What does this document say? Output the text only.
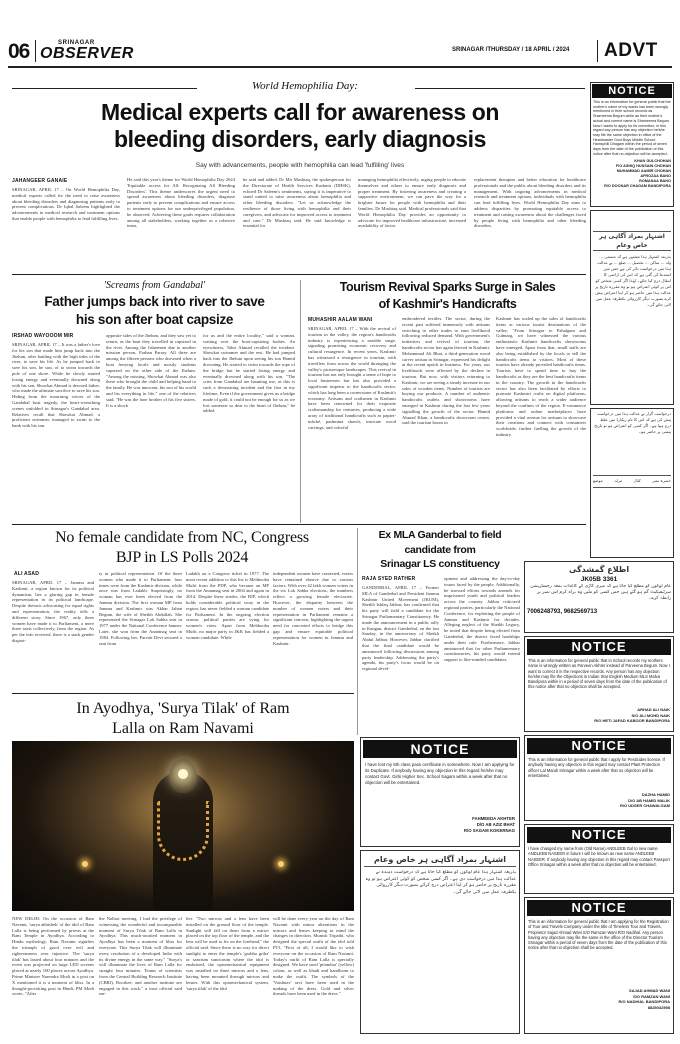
06	SRINAGAR
OBSERVER	SRINAGAR /THURSDAY / 18 APRIL / 2024 ADVT
World Hemophilia Day:
Medical experts call for awareness on
bleeding disorders, early diagnosis
Say with advancements, people with hemophilia can lead 'fulfilling' lives
JAHANGEER GANAIE

SRINAGAR, APRIL 17 – On World Hemophilia Day, medical experts called for the need to raise awareness about bleeding disorders and diagnosing patients early to prevent complications. Dr Iqbal Saleem highlighted the advancements in medical research and treatment options that enable people with hemophilia to lead fulfilling lives.

He said this year's theme for World Hemophilia Day 2024 'Equitable access for All: Recognizing All Bleeding Disorders'. This theme underscores the urgent need to spread awareness about bleeding disorders, diagnose patients early to prevent complications and ensure access to treatment options for our underprivileged population, he observed. Achieving these goals requires collaboration among all stakeholders, working together as a cohesive team,

he said and added. Dr Mir Mushtaq, the spokesperson for the Directorate of Health Services Kashmir (DHSK), echoed Dr Saleem's sentiments, saying it is imperative to stand united to raise awareness about hemophilia and other bleeding disorders. "Let us acknowledge the resilience of those living with hemophilia and their caregivers, and advocate for improved access to treatment and care," Dr Mushtaq said. He said knowledge is essential for

managing hemophilia effectively, urging people to educate themselves and others to ensure early diagnosis and proper treatment. By fostering awareness and creating a supportive environment, we can pave the way for a brighter future for people with hemophilia and their families. Dr Mushtaq said. Medical professionals said that World Hemophilia Day provides an opportunity to advocate for improved healthcare infrastructure, increased availability of factor

replacement therapies and better education for healthcare professionals and the public about bleeding disorders and its management. With ongoing advancements in medical research and treatment options, individuals with hemophilia can lead fulfilling lives. World Hemophilia Day aims to address disparities by promoting equitable access to treatment and raising awareness about the challenges faced by people living with hemophilia and other bleeding disorders.

'Screams from Gandabal'
Father jumps back into river to save
his son after boat capsize
IRSHAD WAYOOOM MIR

SRINAGAR, APRIL 17 – It was a father's love for his son that made him jump back into the Jhelum, after battling with the high tides of the river, to save his life. As he jumped back to save his son, he saw, of to swim towards the pole of one shore. While he slowly started losing energy and eventually drowned along with his son, Showkat Ahmad is devoted father, who made the ultimate sacrifice to save his son. Hiding from the mourning voices of the Gandabal boat tragedy, the heart-wrenching scenes unfolded in Srinagar's Gandabal area. Relatives recall that Showkat Ahmad, a proficient swimmer, managed to swim to the bank with his son.

opposite sides of the Jhelum, and they saw yet to return, as the boat they travelled in capsized in the river. Among the fishermen due to another mission person, Farhan Parray. All three are among the fifteen persons who drowned when a boat ferrying locals and mostly students capsized on the other side of the Jhelum. "Among the missing, Showkat Ahmad was also there who brought the child and helping hand to the family. He was innocent, his son of his world and his everything in life," one of the relatives said. "He was the lone brother of his five sisters. It is a shock

for us and the entire locality," said a woman, waiting over the boat-capsizing bodies. An eyewitness, Tahir Ahmad recalled the incident. Showkat swimmer and the rest. He had jumped back into the Jhelum upon seeing his son Hamid drowning. He started to swim towards the rope of the bridge but he started losing energy and eventually drowned along with his son. "The cries from Gandabal are haunting me, as this is such a devastating incident and the first in my lifetime, Even if the government gives us a bridge made of gold, it could not be enough for us as we lost someone so dear to the heart of Jhelum," he added.

Tourism Revival Sparks Surge in Sales
of Kashmir's Handicrafts
MUHASHIR AALAM WANI

SRINAGAR, APRIL 17 – With the revival of tourism in the valley, the region's handicrafts industry is experiencing a notable surge, signaling promising economic recovery and cultural resurgence. In recent years, Kashmir has witnessed a resurgence in tourism, with travellers from across the world thronging the valley's picturesque landscapes. This revival in tourism has not only brought a sense of hope to local businesses but has also provided a significant impetus to the handicrafts sector, which has long been a cornerstone of Kashmir's economy. Artisans and craftsmen in Kashmir have been renowned for their exquisite craftsmanship for centuries, producing a wide array of traditional handicrafts such as papier-mâché, pashmina shawls, intricate wood carvings, and colorful

embroidered textiles. The sector, during the recent past suffered immensely with artisans switching to other trades to earn livelihood following reduced demand. With government's initiatives and revival of tourism, the handicrafts sector has again thrived in Kashmir. Mohammad Ali Bhat, a third-generation wood carver artisan in Srinagar, expressed his delight at the recent uptick in business. For years, our livelihoods were affected by the decline in tourism. But now, with visitors returning to Kashmir, we are seeing a steady increase in our sales of wooden items. Number of tourists are buying our products. A number of authentic handicrafts outlets and showrooms have emerged in Kashmir during the last few years signalling the growth of the sector. Hamid Ahmad Khan, a handicrafts showroom owner, said the tourism boom in

Kashmir has scaled up the sales of handicrafts items at various tourist destinations of the valley. "From Srinagar to Pahalgam and Gulmarg, we have witnessed the various enthusiastic Kashmir handicrafts showrooms have emerged. Apart from that, small stalls are also being established by the locals to sell the handicrafts items to visitors. Most of these tourists have already provided handicrafts items. Tourists have to spend time to buy the handicrafts as they are the best handicrafts items in the country. The growth in the handicrafts sector has also been facilitated by efforts to promote Kashmiri crafts on digital platforms, allowing artisans to reach a wider audience beyond the confines of the region. E-commerce platforms and online marketplaces have provided a vital avenue for artisans to showcase their creations and connect with consumers worldwide, further fuelling the growth of the industry.

No female candidate from NC, Congress
BJP in LS Polls 2024
ALI ASAD

SRINAGAR, APRIL 17 – Jammu and Kashmir, a region known for its political dynamism, lies a glaring gap in female representation in its political landscape. Despite rhetoric advocating for equal rights and representation, the reality tells a different story. Since 1967, only three women have made it to Parliament, a mere three seats collectively, from the region. As per the info received, there is a stark gender dispari-

ty in political representation. Of the three women who made it to Parliament, four times were from the Kashmir division, while once was from Ladakh. Surprisingly, no woman has ever been elected from the Jammu division. The first woman MP from Jammu and Kashmir was Akbar Jahan Begum, the wife of Sheikh Abdullah. She represented the Srinagar Lok Sabha seat in 1977 under the National Conference banner. Later, she won from the Anantnag seat in 1984. Following her, Parvati Devi secured a seat from

Ladakh on a Congress ticket in 1977. The most recent addition to this list is Mehbooba Mufti from the PDP, who became an MP from the Anantnag seat in 2004 and again in 2014. Despite these strides, the BJP, which holds considerable political sway in the region, has never fielded a woman candidate for Parliament. In the ongoing election season, political parties are vying for women's votes. Apart from Mehbooba Mufti, no major party in J&K has fielded a woman candidate. While

independent women have contested, voters have remained elusive due to various factors. With over 42 lakh women voters in the six Lok Sabha elections, the numbers reflect a growing female electorate. However, the disparity between the number of women voters and their representation in Parliament remains a significant concern, highlighting the urgent need for concerted efforts to bridge this gap and ensure equitable political representation for women in Jammu and Kashmir.

Ex MLA Ganderbal to field
candidate from
Srinagar LS constituency
RAJA SYED RATHER

GANDERBAL, APRIL 17 – Former MLA of Ganderbal and President Jammu Kashmir United Movement (JKUM), Sheikh Ishfaq Jabbar, has confirmed that his party will field a candidate for the Srinagar Parliamentary Constituency. He made the announcement in a public rally in Kangan, district Ganderbal, on the last Sunday, in the anniversary of Sheikh Abdul Jabbar. However, Jabbar clarified that the final candidate would be announced following discussions among party leadership. Addressing the party's agenda, his party's focus would be on regional devel-

opment and addressing the day-to-day issues faced by the people. Additionally, he stressed efforts towards amends for imprisoned youth and political leaders across the country. Jabbar criticized regional parties, particularly the National Conference, for exploiting the people of Jammu and Kashmir for decades. Alleging neglect of the Sheikh Legacy, he noted that despite being elected from Ganderbal, the district faced hardships under their rule. Furthermore, Jabbar announced that for other Parliamentary constituencies, his party would extend support to like-minded candidates.

In Ayodhya, 'Surya Tilak' of Ram
Lalla on Ram Navami

NEW DELHI: On the occasion of Ram Navami, 'surya abhishek' of the idol of Ram Lalla is being performed by priests at the Ram Temple in Ayodhya. According to Hindu mythology, Ram Navami signifies the triumph of good over evil and righteousness over injustice. The 'surya tilak' has lasted about four minutes and the event was projected on large LED screens placed at nearly 100 places across Ayodhya. Prime Minister Narendra Modi in a post on X mentioned it is a moment of bliss. In a thought-provoking post in Hindi, PM Modi wrote, "After

the Nallari meeting, I had the privilege of witnessing the wonderful and incomparable moment of Surya Tilak of Ram Lalla in Ayodhya. This much-awaited moment in Ayodhya has been a moment of bliss for everyone. This Surya Tilak will illuminate every resolution of a developed India with its divine energy in the same way." "Surya's will illuminate the lives of Ram Lalla for straight four minutes. Teams of scientists from the Central Building Research Institute (CBRI), Roorkee, and another institute are engaged in this work," a trust official said ear-

lier. "Two mirrors and a lens have been installed on the ground floor of the temple. Sunlight will fall on them from a mirror placed on the top floor of the temple, and the lens will be used to fix on the forehead," the official said. Since there is no way for direct sunlight to enter the temple's 'garbha griha' or sanctum sanctorum where the idol is enshrined, the optomechanical equipment was installed on three mirrors and a lens, having been mounted through mirrors and lenses. With this optomechanical system, 'surya tilak' of the idol

will be done every year on the day of Ram Navami with minor alterations in the mirrors and lenses keeping in mind the changes in direction. Munish Tripathi, who designed the special outfit of the idol told PTI, "First of all, I would like to wish everyone on the occasion of Ram Navami. Today's outfit of Ram Lalla is specially designed. We have used 'pitambar' (yellow) colour, as well as khadi and handloom to make the outfit. The symbols of the 'Vaishnav' sect have been used in the making of the dress. Gold and silver threads have been used in the dress."

NOTICE
I have lost my 5th class pass certificate in somewhere. Now I am applying for its Duplicate. If anybody having any objection in this regard he/she may contact Govt. Girls Higher Sec. School Sagam within a week after that no objection will be entertained.
FAHMEEDA AKHTER
D/O AB AZIZ BHAT
R/O SAGAM KOKERNAG
اشتہار بمراد آگاہی ہر خاص وعام
بذریعہ اشتہار ہذا عام لوگوں کو مطلع کیا جاتا ہے کہ درخواست دہندہ نے عدالت ہذا میں درخواست دی ہے۔ اگر کسی شخص کو کوئی اعتراض ہو تو وہ مقررہ تاریخ پر حاضر ہو کر اپنا اعتراض درج کرائے بصورت دیگر کارروائی یکطرفہ عمل میں لائی جائے گی۔
NOTICE
This is an information for general public that the mother's name of my wards has been wrongly mentioned in their school records as Shameema Begum while as their mother's actual and correct name is Shameema Begum. Now I wants to apply for its correction, in this regard any person has any objection he/she may file the same objection in office of the Headmaster Govt Boys Middle School Hamsphill Dhagam within the period of seven days from the date of the publication of this notice after that no objection will be accepted.
KHAN GULCHOHAN
F/O ASHIQ HUSSAIN CHOHAN
MUHAMMAD AAMIR CHOHAN
AFROZAA BANO
ROMANAA BANO
R/O DOONAR CHAGAM BANDIPORA
اشتہار بمراد آگاہی ہر خاص وعام
بذریعہ اشتہار ہذا مشتہر ہے کہ مسمی ... ولد ... ساکن ... تحصیل ... ضلع ... نے عدالت ہذا میں درخواست دائر کی ہے جس میں استدعا کی گئی ہے کہ اس کی اراضی کا انتقال درج کیا جائے۔ لہٰذا اگر کسی شخص کو اس پر کوئی اعتراض ہو تو وہ مقررہ تاریخ پر عدالت ہذا میں حاضر ہو کر اپنا اعتراض پیش کرے بصورت دیگر کارروائی یکطرفہ عمل میں لائی جائے گی۔
درخواست گزار نے عدالت ہذا میں درخواست پیش کی ہے کہ اس کا نام ریکارڈ میں غلط درج ہوا ہے۔ اگر کسی کو اعتراض ہو تو تاریخ پیشی پر حاضر ہو۔
خسرہ نمبر
کنال
مرلہ
موضع
اطلاع گمشدگی
JK05B 3361
عام لوگوں کو مطلع کیا جاتا ہے کہ میری گاڑی کے کاغذات بمعہ رجسٹریشن سرٹیفیکیٹ گم ہو گئے ہیں جس کسی کو ملیں وہ براہ کرم اس نمبر پر رابطہ کرے۔
7006248793, 9682569713
NOTICE
This is an information for general public that in School records my mothers name is wrongly written as Parveen Akhter instead of Parveena Begum. Now I want to correct it in the respective records. Any person has any objection he/she may file the Objections in Indian Star English Medium MLS Malva Bandipora within in a period of seven days from the date of the publication of this notice after that no objection shall be accepted.
ARHAD ALI NAIK
S/O ALI MOHD NAIK
R/O HETI JAFAD KABOOR BANDIPORA
NOTICE
This is an information for general public that I apply for Pesticides licence. If anybody having any objection in this regard may contact Plant Protection officer Lal Mandi Srinagar within a week after that no objection will be entertained.
DAZHA HAMID
D/O AB HAMID MALIK
R/O UDSER CHAWALGAM
NOTICE
I have changed my name from (Old Name) ANDLEEB Gul to new name ANDLEEB NASEER in future I will be known as new name ANDLEEB NASEER. If anybody having any objection in this regard may contact Passport Office Srinagar within a week after that no objection will be entertained.
NOTICE
This is an information for general public that I am applying for the Registration of Tour and Travels Company under the title of Timeless Tour and Travels, Proprietor Sajad Ahmad Wani S/O Ramzan Wani R/O Nadihal. Any person having any objection may file the same in the office of the Director Tourism Srinagar within a period of seven days from the date of the publication of this notice after that no objection shall be accepted.
SAJAD AHMAD WANI
S/O RAMZAN WANI
R/O NADIHAL BANDIPORA
8825032598
